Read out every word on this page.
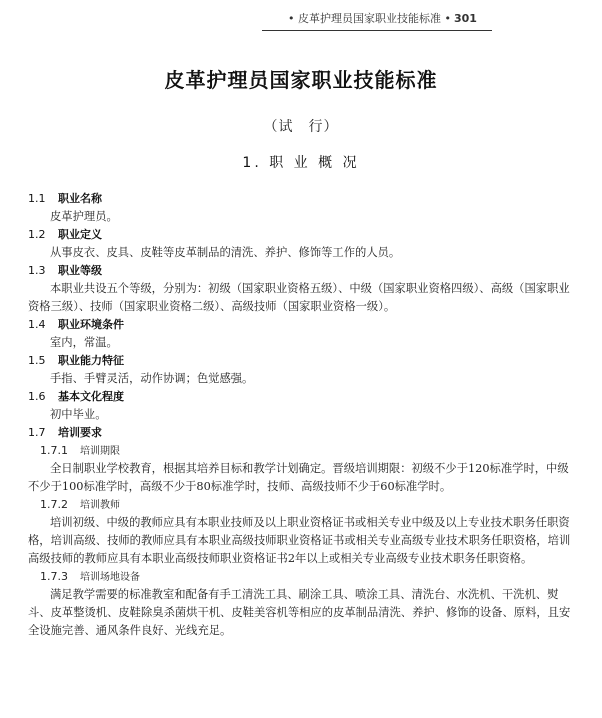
• 皮革护理员国家职业技能标准 • 301
皮革护理员国家职业技能标准
（试　行）
1. 职 业 概 况
1.1 职业名称
皮革护理员。
1.2 职业定义
从事皮衣、皮具、皮鞋等皮革制品的清洗、养护、修饰等工作的人员。
1.3 职业等级
本职业共设五个等级，分别为：初级（国家职业资格五级）、中级（国家职业资格四级）、高级（国家职业资格三级）、技师（国家职业资格二级）、高级技师（国家职业资格一级）。
1.4 职业环境条件
室内，常温。
1.5 职业能力特征
手指、手臂灵活，动作协调；色觉感强。
1.6 基本文化程度
初中毕业。
1.7 培训要求
1.7.1 培训期限
全日制职业学校教育，根据其培养目标和教学计划确定。晋级培训期限：初级不少于120标准学时，中级不少于100标准学时，高级不少于80标准学时，技师、高级技师不少于60标准学时。
1.7.2 培训教师
培训初级、中级的教师应具有本职业技师及以上职业资格证书或相关专业中级及以上专业技术职务任职资格，培训高级、技师的教师应具有本职业高级技师职业资格证书或相关专业高级专业技术职务任职资格，培训高级技师的教师应具有本职业高级技师职业资格证书2年以上或相关专业高级专业技术职务任职资格。
1.7.3 培训场地设备
满足教学需要的标准教室和配备有手工清洗工具、刷涂工具、喷涂工具、清洗台、水洗机、干洗机、熨斗、皮革整烫机、皮鞋除臭杀菌烘干机、皮鞋美容机等相应的皮革制品清洗、养护、修饰的设备、原料，且安全设施完善、通风条件良好、光线充足。
